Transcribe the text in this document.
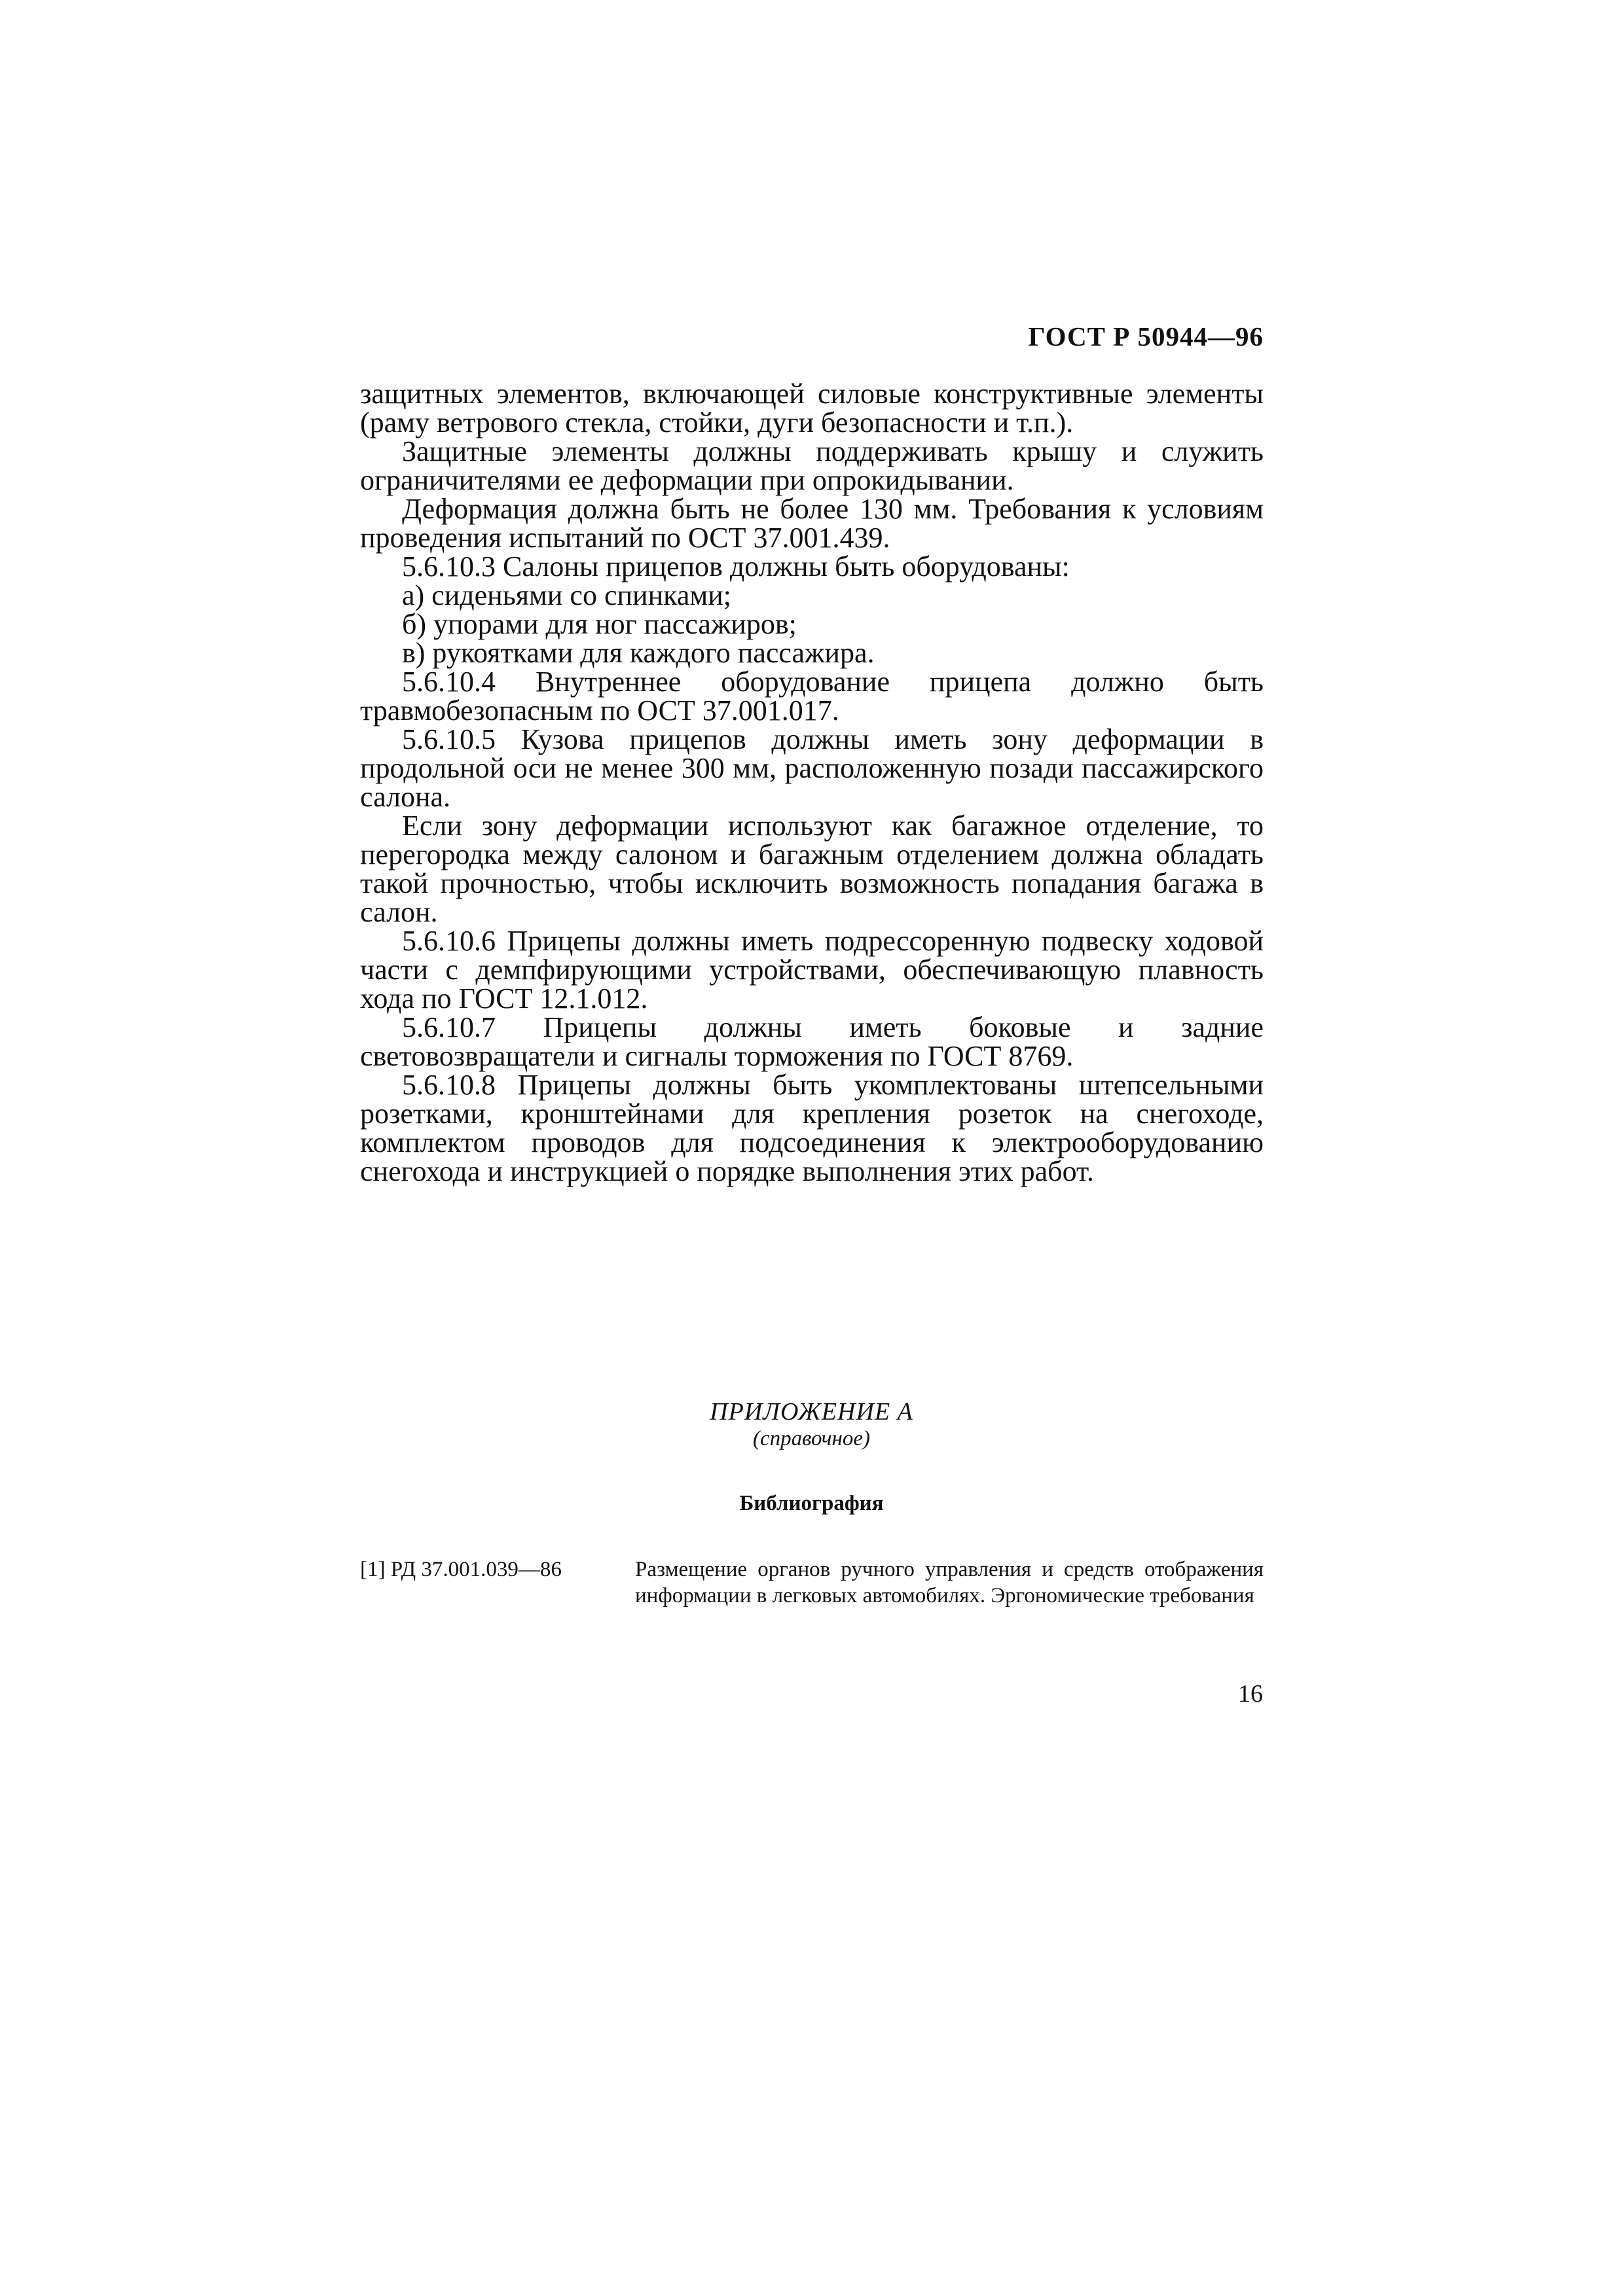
ГОСТ Р 50944—96

защитных элементов, включающей силовые конструктивные элементы (раму ветрового стекла, стойки, дуги безопасности и т.п.).

Защитные элементы должны поддерживать крышу и служить ограничителями ее деформации при опрокидывании.

Деформация должна быть не более 130 мм. Требования к условиям проведения испытаний по ОСТ 37.001.439.

5.6.10.3 Салоны прицепов должны быть оборудованы:

а) сиденьями со спинками;

б) упорами для ног пассажиров;

в) рукоятками для каждого пассажира.

5.6.10.4 Внутреннее оборудование прицепа должно быть травмобезопасным по ОСТ 37.001.017.

5.6.10.5 Кузова прицепов должны иметь зону деформации в продольной оси не менее 300 мм, расположенную позади пассажирского салона.

Если зону деформации используют как багажное отделение, то перегородка между салоном и багажным отделением должна обладать такой прочностью, чтобы исключить возможность попадания багажа в салон.

5.6.10.6 Прицепы должны иметь подрессоренную подвеску ходовой части с демпфирующими устройствами, обеспечивающую плавность хода по ГОСТ 12.1.012.

5.6.10.7 Прицепы должны иметь боковые и задние световозвращатели и сигналы торможения по ГОСТ 8769.

5.6.10.8 Прицепы должны быть укомплектованы штепсельными розетками, кронштейнами для крепления розеток на снегоходе, комплектом проводов для подсоединения к электрооборудованию снегохода и инструкцией о порядке выполнения этих работ.

ПРИЛОЖЕНИЕ А
(справочное)
Библиография
[1] РД 37.001.039—86	Размещение органов ручного управления и средств отображения информации в легковых автомобилях. Эргономические требования
16
